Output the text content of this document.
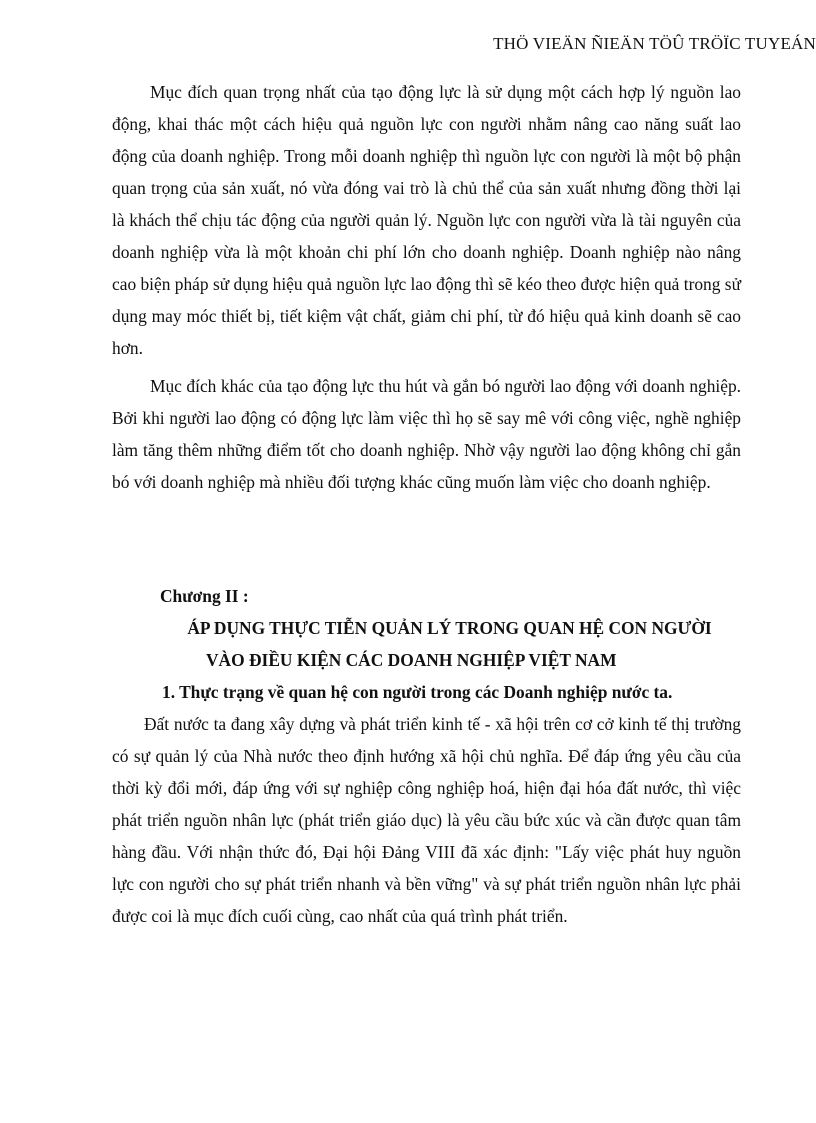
THÖ VIEÄN ÑIEÄN TÖÛ TRÖÏC TUYEÁN

Mục đích quan trọng nhất của tạo động lực là sử dụng một cách hợp lý nguồn lao động, khai thác một cách hiệu quả nguồn lực con người nhằm nâng cao năng suất lao động của doanh nghiệp. Trong mỗi doanh nghiệp thì nguồn lực con người là một bộ phận quan trọng của sản xuất, nó vừa đóng vai trò là chủ thể của sản xuất nhưng đồng thời lại là khách thể chịu tác động của người quản lý. Nguồn lực con người vừa là tài nguyên của doanh nghiệp vừa là một khoản chi phí lớn cho doanh nghiệp. Doanh nghiệp nào nâng cao biện pháp sử dụng hiệu quả nguồn lực lao động thì sẽ kéo theo được hiện quả trong sử dụng may móc thiết bị, tiết kiệm vật chất, giảm chi phí, từ đó hiệu quả kinh doanh sẽ cao hơn.

Mục đích khác của tạo động lực thu hút và gắn bó người lao động với doanh nghiệp. Bởi khi người lao động có động lực làm việc thì họ sẽ say mê với công việc, nghề nghiệp làm tăng thêm những điểm tốt cho doanh nghiệp. Nhờ vậy người lao động không chỉ gắn bó với doanh nghiệp mà nhiều đối tượng khác cũng muốn làm việc cho doanh nghiệp.

Chương II :
ÁP DỤNG THỰC TIỄN QUẢN LÝ TRONG QUAN HỆ CON NGƯỜI
VÀO ĐIỀU KIỆN CÁC DOANH NGHIỆP VIỆT NAM
1. Thực trạng về quan hệ con người trong các Doanh nghiệp nước ta.

Đất nước ta đang xây dựng và phát triển kinh tế - xã hội trên cơ cở kinh tế thị trường có sự quản lý của Nhà nước theo định hướng xã hội chủ nghĩa. Để đáp ứng yêu cầu của thời kỳ đổi mới, đáp ứng với sự nghiệp công nghiệp hoá, hiện đại hóa đất nước, thì việc phát triển nguồn nhân lực (phát triển giáo dục) là yêu cầu bức xúc và cần được quan tâm hàng đầu. Với nhận thức đó, Đại hội Đảng VIII đã xác định: "Lấy việc phát huy nguồn lực con người cho sự phát triển nhanh và bền vững" và sự phát triển nguồn nhân lực phải được coi là mục đích cuối cùng, cao nhất của quá trình phát triển.
